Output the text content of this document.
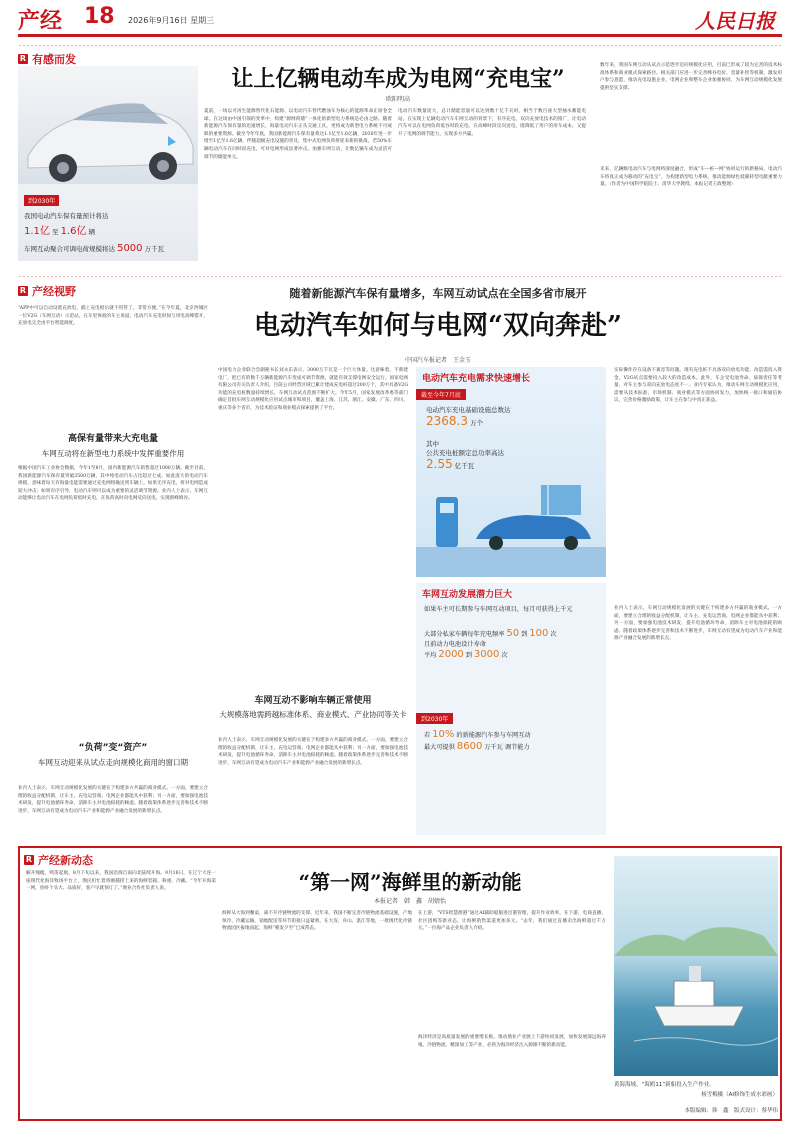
产经 18 2026年9月16日 星期三	人民日报
R 有感而发
到2030年
我国电动汽车保有量预计将达
1.1亿 至 1.6亿 辆
车网互动聚合可调电荷规模将达 5000 万千瓦
让上亿辆电动车成为电网“充电宝”
欧阳明高
夏前，一场以可再生能源替代化石能源、以电动汽车替代燃油车为核心的能源革命正席卷全球。在这场由中国引领的变革中，构建“源网荷储”一体化的新型电力系统是必由之路。随着新能源汽车保有量的迅速增长，海量电动汽车正从交通工具，更将成为新型电力系统不可或缺的重要资源。截至今年年底，我国新能源汽车保有量将达1.1亿至1.6亿辆，2030年进一步增至1亿至1.6亿辆，伴随超级充电设施的普及，集中式电网负荷将迎来新的挑战，若50%车辆电动汽车在同时段充电，可对电网形成显著冲击。加强车网互动，让数亿辆车成为灵活可调节的储能单元。
电动汽车数量庞大，总计储能容量可以达到数十亿千瓦时，相当于数百座大型抽水蓄能电站。在实现上亿辆电动汽车车网互动的背景下，有序充电、双向充放电技术的推广，让电动汽车可以在电网负荷低谷时段充电，在高峰时段反向送电，既降低了用户的用车成本，又提升了电网的调节能力，实现多方共赢。
数年来，我国车网互动从试点示范逐步迈向规模化应用，目前已形成了较为完善的技术标准体系和商业模式探索路径。相关部门应进一步完善峰谷电价、容量补偿等机制，激发用户参与意愿，推动充电设施企业、电网企业和整车企业加强协同，为车网互动规模化发展提供坚实支撑。
未来，亿辆级电动汽车与电网将深度融合，形成“车—桩—网”协同运行的新格局，电动汽车将真正成为移动的“充电宝”，为构建新型电力系统、推动能源绿色低碳转型贡献重要力量。（作者为中国科学院院士、清华大学教授，本报记者王政整理）
R 产经视野	随着新能源汽车保有量增多，车网互动试点在全国多省市展开
电动汽车如何与电网“双向奔赴”
中国汽车报记者　王金玉
“APP中可以自动设置充放电，插上充电枪后就不用管了，非常方便。”在今年夏，北京西城区一位V2G（车网互动）示范站，在车里体验的车主说道。电动汽车充电时间与用电高峰错开，充放电完全由平台智能调度。
高保有量带来大充电量
车网互动将在新型电力系统中发挥重要作用
根据中国汽车工业协会数据，今年1至8月，国内新能源汽车销售超过1000万辆。截至目前，我国新能源汽车保有量突破3500万辆，其中纯电动汽车占比超过七成。如此庞大的电动汽车规模，意味着每天有海量电能需要通过充电网络输送到车辆上。如果无序充电，将对电网造成较大冲击；如果有序引导，电动汽车则可以成为重要的灵活调节资源。业内人士表示，车网互动能够让电动汽车在电网负荷低时充电，在负荷高时向电网反向送电，实现削峰填谷。
“负荷”变“资产”
车网互动迎来从试点走向规模化商用的窗口期
业内人士表示，车网互动规模化发展的关键在于构建多方共赢的商业模式。一方面，要建立合理的收益分配机制，让车主、充电运营商、电网企业都能从中获利；另一方面，要加强电池技术研发，提升电池循环寿命，消除车主对电池损耗的顾虑。随着政策体系逐步完善和技术不断进步，车网互动有望成为电动汽车产业和能源产业融合发展的新增长点。
中国电力企业联合会副秘书长刘永东表示，3000万千瓦是一个巨大体量。这意味着，不新建电厂，把已有的数千万辆新能源汽车变成可调节资源，就能有效支撑电网安全运行。国家电网有限公司有关负责人介绍，目前公司经营区域已累计建成充电桩超过200万个，其中具备V2G功能的充电桩数量持续增长，车网互动试点范围不断扩大。今年5月，国家发展改革委等部门确定首批车网互动规模化应用试点城市和项目，覆盖上海、江苏、浙江、安徽、广东、四川、重庆等多个省市，为技术验证和商业模式探索提供了平台。
车网互动不影响车辆正常使用
大规模落地需跨越标准体系、商业模式、产业协同等关卡
业内人士表示，车网互动规模化发展的关键在于构建多方共赢的商业模式。一方面，要建立合理的收益分配机制，让车主、充电运营商、电网企业都能从中获利；另一方面，要加强电池技术研发，提升电池循环寿命，消除车主对电池损耗的顾虑。随着政策体系逐步完善和技术不断进步，车网互动有望成为电动汽车产业和能源产业融合发展的新增长点。
电动汽车充电需求快速增长
截至今年7月底
电动汽车充电基础设施总数达
2368.3 万个
其中
公共充电桩额定总功率高达
2.55 亿千瓦
车网互动发展潜力巨大
如果车主可长期参与车网互动项目，每月可获得上千元
大部分私家车辆每年充电频率 50 到 100 次
且前动力电池设计寿命
平均 2000 到 3000 次
到2030年
若 10% 的新能源汽车参与车网互动
最大可提供 8600 万千瓦 调节能力
实际操作存在设备不兼容等问题。现有充电桩不具备双向放电功能，改造需投入资金。V2G试点需要投入较大的改造成本。此外，车企受电池寿命、质保责任等考量，对车主参与双向充放电态度不一。业内专家认为，推动车网互动规模化应用，需要从技术标准、市场机制、商业模式等方面协同发力，加快统一接口和通信协议，完善价格激励政策，让车主在参与中真正获益。
业内人士表示，车网互动规模化发展的关键在于构建多方共赢的商业模式。一方面，要建立合理的收益分配机制，让车主、充电运营商、电网企业都能从中获利；另一方面，要加强电池技术研发，提升电池循环寿命，消除车主对电池损耗的顾虑。随着政策体系逐步完善和技术不断进步，车网互动有望成为电动汽车产业和能源产业融合发展的新增长点。
R 产经新动态
“第一网”海鲜里的新动能
本报记者　韩　鑫　胡婧怡
解开绳缆，鸣笛起航。8月下旬以来，我国沿海自南向北陆续开海。9月16日，在辽宁大连一座现代化海洋牧场平台上，渔民们忙着将刚捕捞上来的海鲜装箱、称重、冷藏。“今年开海第一网，鱼虾个头大、品质好，客户早就预订了。”渔业合作社负责人说。
海鲜从大海到餐桌，离不开冷链物流的支撑。近年来，我国不断完善冷链物流基础设施，产地预冷、冷藏运输、销地配送等环节衔接日益紧密。在大连、舟山、湛江等地，一批现代化冷链物流园区拔地而起，海鲜“朝发夕至”已成常态。
在上游，“VTS智慧渔港”通过AI辅助船舶进出港管理，提升作业效率。在下游，电商直播、社区团购等新业态，让海鲜销售渠道更加多元。“去年，我们通过直播卖出海鲜超过千万元。”一位海产品企业负责人介绍。
海洋经济是高质量发展的重要增长极。推动渔业产业链上下游协同发展，加快发展深远海养殖、冷链物流、精深加工等产业，必将为海洋经济注入源源不断的新动能。
黄海海域，“海鸥11”新船投入生产作业。
杨雪梅摄（AI修饰生成水彩画）
本版编辑：韩　鑫　版式设计：蔡华伟
